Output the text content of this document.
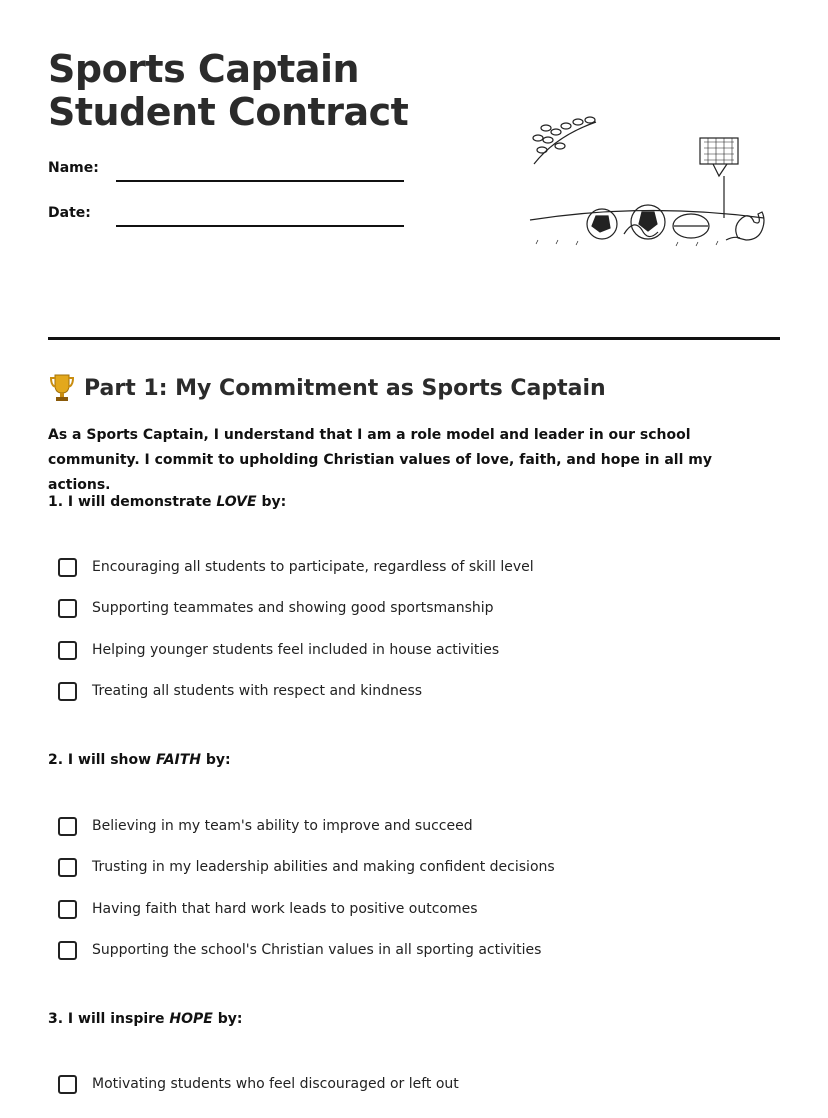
Sports Captain Student Contract
Name:
Date:
Part 1: My Commitment as Sports Captain

As a Sports Captain, I understand that I am a role model and leader in our school community. I commit to upholding Christian values of love, faith, and hope in all my actions.

1. I will demonstrate LOVE by:

Encouraging all students to participate, regardless of skill level
Supporting teammates and showing good sportsmanship
Helping younger students feel included in house activities
Treating all students with respect and kindness

2. I will show FAITH by:

Believing in my team's ability to improve and succeed
Trusting in my leadership abilities and making confident decisions
Having faith that hard work leads to positive outcomes
Supporting the school's Christian values in all sporting activities

3. I will inspire HOPE by:

Motivating students who feel discouraged or left out
